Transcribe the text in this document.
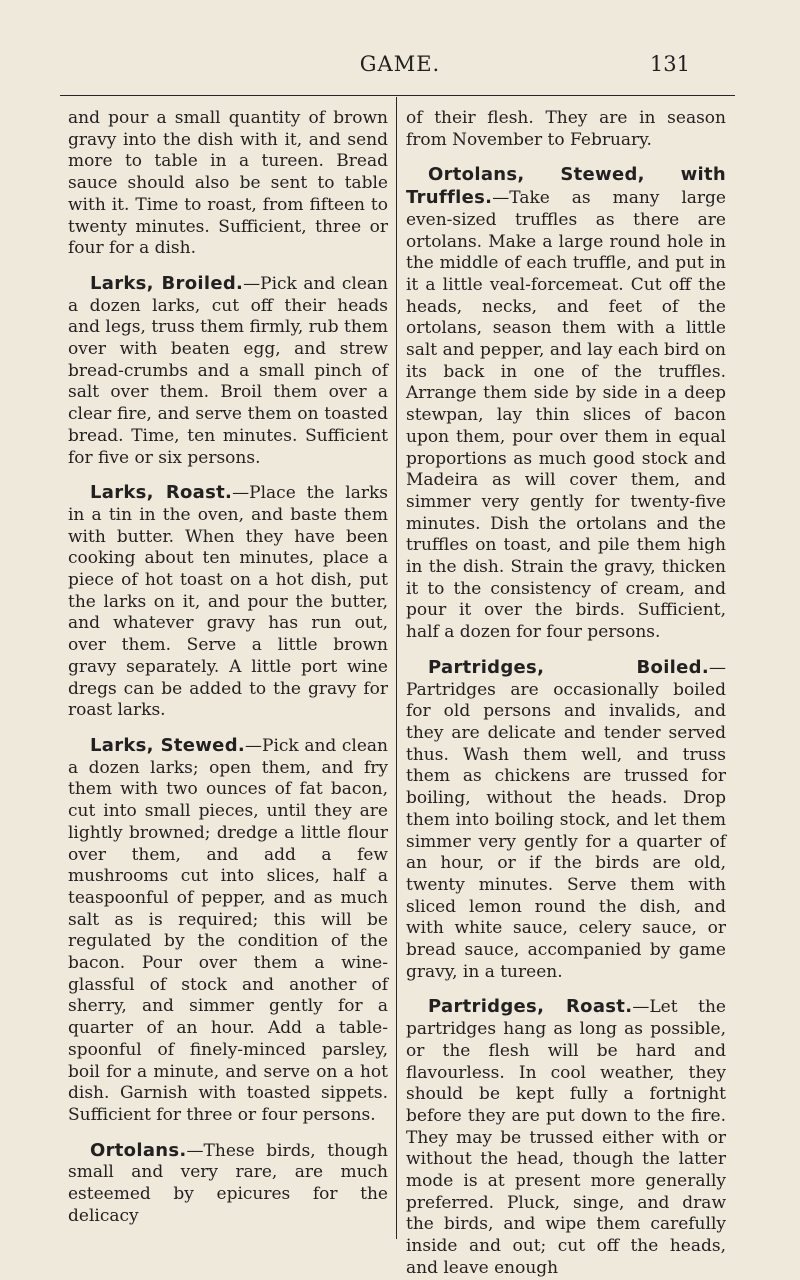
GAME.	131

and pour a small quantity of brown gravy into the dish with it, and send more to table in a tureen. Bread sauce should also be sent to table with it. Time to roast, from fifteen to twenty minutes. Sufficient, three or four for a dish.

Larks, Broiled.—Pick and clean a dozen larks, cut off their heads and legs, truss them firmly, rub them over with beaten egg, and strew bread-crumbs and a small pinch of salt over them. Broil them over a clear fire, and serve them on toasted bread. Time, ten minutes. Sufficient for five or six persons.

Larks, Roast.—Place the larks in a tin in the oven, and baste them with butter. When they have been cooking about ten minutes, place a piece of hot toast on a hot dish, put the larks on it, and pour the butter, and whatever gravy has run out, over them. Serve a little brown gravy separately. A little port wine dregs can be added to the gravy for roast larks.

Larks, Stewed.—Pick and clean a dozen larks; open them, and fry them with two ounces of fat bacon, cut into small pieces, until they are lightly browned; dredge a little flour over them, and add a few mushrooms cut into slices, half a teaspoonful of pepper, and as much salt as is required; this will be regulated by the condition of the bacon. Pour over them a wine-glassful of stock and another of sherry, and simmer gently for a quarter of an hour. Add a table-spoonful of finely-minced parsley, boil for a minute, and serve on a hot dish. Garnish with toasted sippets. Sufficient for three or four persons.

Ortolans.—These birds, though small and very rare, are much esteemed by epicures for the delicacy

of their flesh. They are in season from November to February.

Ortolans, Stewed, with Truffles.—Take as many large even-sized truffles as there are ortolans. Make a large round hole in the middle of each truffle, and put in it a little veal-forcemeat. Cut off the heads, necks, and feet of the ortolans, season them with a little salt and pepper, and lay each bird on its back in one of the truffles. Arrange them side by side in a deep stewpan, lay thin slices of bacon upon them, pour over them in equal proportions as much good stock and Madeira as will cover them, and simmer very gently for twenty-five minutes. Dish the ortolans and the truffles on toast, and pile them high in the dish. Strain the gravy, thicken it to the consistency of cream, and pour it over the birds. Sufficient, half a dozen for four persons.

Partridges, Boiled.—Partridges are occasionally boiled for old persons and invalids, and they are delicate and tender served thus. Wash them well, and truss them as chickens are trussed for boiling, without the heads. Drop them into boiling stock, and let them simmer very gently for a quarter of an hour, or if the birds are old, twenty minutes. Serve them with sliced lemon round the dish, and with white sauce, celery sauce, or bread sauce, accompanied by game gravy, in a tureen.

Partridges, Roast.—Let the partridges hang as long as possible, or the flesh will be hard and flavourless. In cool weather, they should be kept fully a fortnight before they are put down to the fire. They may be trussed either with or without the head, though the latter mode is at present more generally preferred. Pluck, singe, and draw the birds, and wipe them carefully inside and out; cut off the heads, and leave enough
